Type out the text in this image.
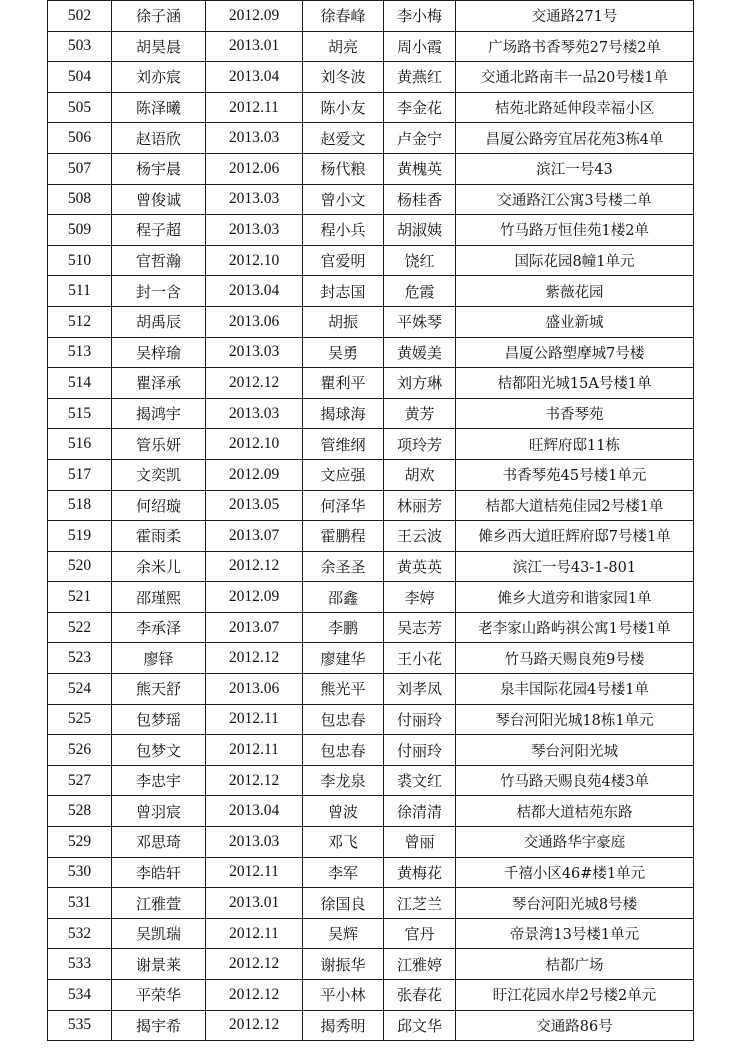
502	徐子涵	2012.09	徐春峰	李小梅	交通路271号
503	胡昊晨	2013.01	胡亮	周小霞	广场路书香琴苑27号楼2单
504	刘亦宸	2013.04	刘冬波	黄燕红	交通北路南丰一品20号楼1单
505	陈泽曦	2012.11	陈小友	李金花	桔苑北路延伸段幸福小区
506	赵语欣	2013.03	赵爱文	卢金宁	昌厦公路旁宜居花苑3栋4单
507	杨宇晨	2012.06	杨代粮	黄槐英	滨江一号43
508	曾俊诚	2013.03	曾小文	杨桂香	交通路江公寓3号楼二单
509	程子超	2013.03	程小兵	胡淑姨	竹马路万恒佳苑1楼2单
510	官哲瀚	2012.10	官爱明	饶红	国际花园8幢1单元
511	封一含	2013.04	封志国	危霞	紫薇花园
512	胡禹辰	2013.06	胡振	平姝琴	盛业新城
513	吴梓瑜	2013.03	吴勇	黄媛美	昌厦公路塑摩城7号楼
514	瞿泽承	2012.12	瞿利平	刘方琳	桔都阳光城15A号楼1单
515	揭鸿宇	2013.03	揭球海	黄芳	书香琴苑
516	管乐妍	2012.10	管维纲	项玲芳	旺辉府邸11栋
517	文奕凯	2012.09	文应强	胡欢	书香琴苑45号楼1单元
518	何绍璇	2013.05	何泽华	林丽芳	桔都大道桔苑佳园2号楼1单
519	霍雨柔	2013.07	霍鹏程	王云波	傩乡西大道旺辉府邸7号楼1单
520	余米儿	2012.12	余圣圣	黄英英	滨江一号43-1-801
521	邵瑾熙	2012.09	邵鑫	李婷	傩乡大道旁和谐家园1单
522	李承泽	2013.07	李鹏	吴志芳	老李家山路屿祺公寓1号楼1单
523	廖铎	2012.12	廖建华	王小花	竹马路天赐良苑9号楼
524	熊天舒	2013.06	熊光平	刘孝凤	泉丰国际花园4号楼1单
525	包梦瑶	2012.11	包忠春	付丽玲	琴台河阳光城18栋1单元
526	包梦文	2012.11	包忠春	付丽玲	琴台河阳光城
527	李忠宇	2012.12	李龙泉	裘文红	竹马路天赐良苑4楼3单
528	曾羽宸	2013.04	曾波	徐清清	桔都大道桔苑东路
529	邓思琦	2013.03	邓飞	曾丽	交通路华宇豪庭
530	李皓轩	2012.11	李军	黄梅花	千禧小区46#楼1单元
531	江雅萱	2013.01	徐国良	江芝兰	琴台河阳光城8号楼
532	吴凯瑞	2012.11	吴辉	官丹	帝景湾13号楼1单元
533	谢景莱	2012.12	谢振华	江雅婷	桔都广场
534	平荣华	2012.12	平小林	张春花	盱江花园水岸2号楼2单元
535	揭宇希	2012.12	揭秀明	邱文华	交通路86号
